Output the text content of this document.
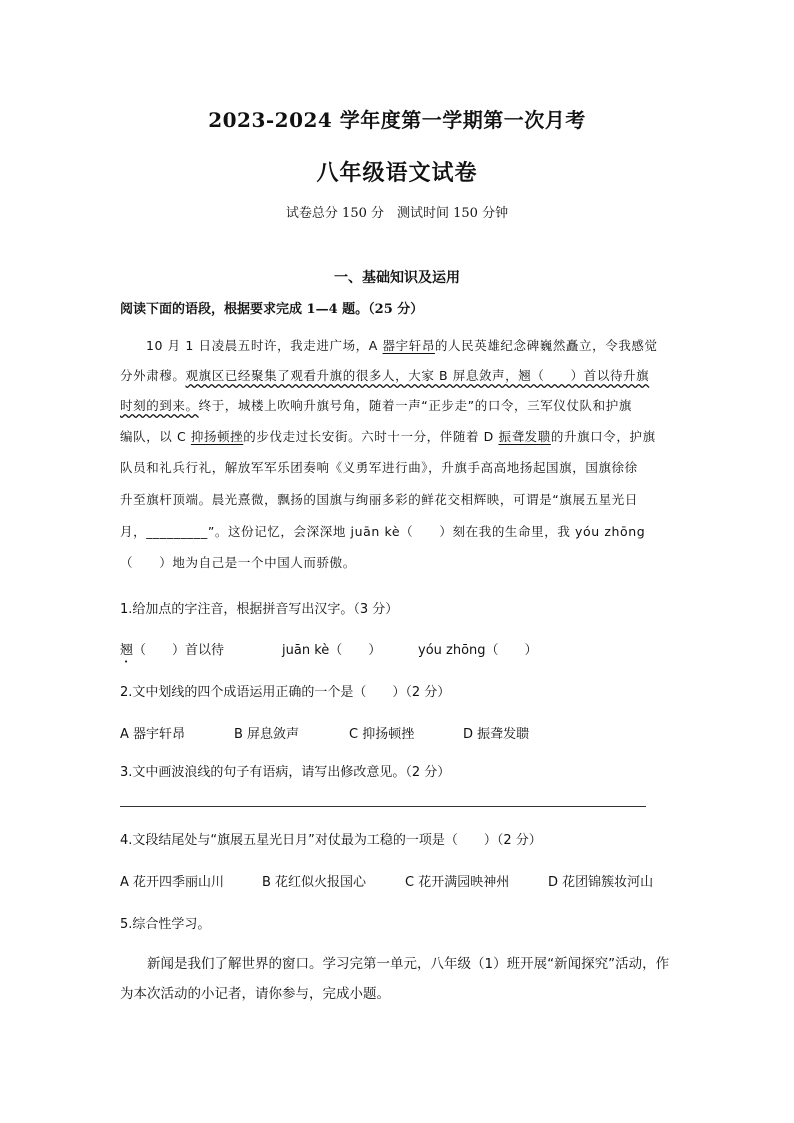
2023-2024 学年度第一学期第一次月考
八年级语文试卷
试卷总分 150 分　测试时间 150 分钟
一、基础知识及运用
阅读下面的语段，根据要求完成 1—4 题。（25 分）
10 月 1 日凌晨五时许，我走进广场，A 器宇轩昂的人民英雄纪念碑巍然矗立，令我感觉
分外肃穆。观旗区已经聚集了观看升旗的很多人，大家 B 屏息敛声，翘（　　）首以待升旗
时刻的到来。终于，城楼上吹响升旗号角，随着一声“正步走”的口令，三军仪仗队和护旗
编队，以 C 抑扬顿挫的步伐走过长安街。六时十一分，伴随着 D 振聋发聩的升旗口令，护旗
队员和礼兵行礼，解放军军乐团奏响《义勇军进行曲》，升旗手高高地扬起国旗，国旗徐徐
升至旗杆顶端。晨光熹微，飘扬的国旗与绚丽多彩的鲜花交相辉映，可谓是“旗展五星光日
月，_________”。这份记忆，会深深地 juān kè（　　）刻在我的生命里，我 yóu zhōng
（　　）地为自己是一个中国人而骄傲。
1.给加点的字注音，根据拼音写出汉字。（3 分）
翘（　　）首以待	juān kè（　　）	yóu zhōng（　　）
2.文中划线的四个成语运用正确的一个是（　　）（2 分）
A 器宇轩昂	B 屏息敛声	C 抑扬顿挫	D 振聋发聩
3.文中画波浪线的句子有语病，请写出修改意见。（2 分）
4.文段结尾处与“旗展五星光日月”对仗最为工稳的一项是（　　）（2 分）
A 花开四季丽山川	B 花红似火报国心	C 花开满园映神州	D 花团锦簇妆河山
5.综合性学习。
新闻是我们了解世界的窗口。学习完第一单元，八年级（1）班开展“新闻探究”活动，作为本次活动的小记者，请你参与，完成小题。
